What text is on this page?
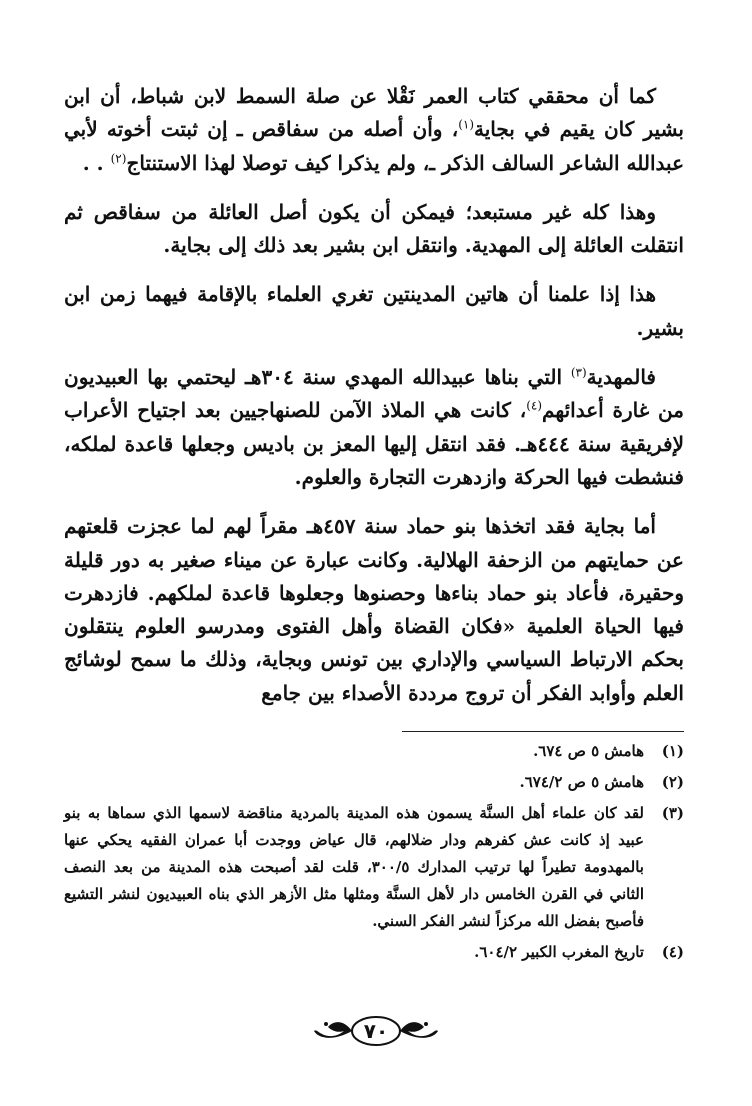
كما أن محققي كتاب العمر نَقْلا عن صلة السمط لابن شباط، أن ابن بشير كان يقيم في بجاية$^{(١)}$، وأن أصله من سفاقص ـ إن ثبتت أخوته لأبي عبدالله الشاعر السالف الذكر ـ، ولم يذكرا كيف توصلا لهذا الاستنتاج$^{(٢)}$ . .

وهذا كله غير مستبعد؛ فيمكن أن يكون أصل العائلة من سفاقص ثم انتقلت العائلة إلى المهدية. وانتقل ابن بشير بعد ذلك إلى بجاية.

هذا إذا علمنا أن هاتين المدينتين تغري العلماء بالإقامة فيهما زمن ابن بشير.

فالمهدية$^{(٣)}$ التي بناها عبيدالله المهدي سنة ٣٠٤هـ ليحتمي بها العبيديون من غارة أعدائهم$^{(٤)}$، كانت هي الملاذ الآمن للصنهاجيين بعد اجتياح الأعراب لإفريقية سنة ٤٤٤هـ. فقد انتقل إليها المعز بن باديس وجعلها قاعدة لملكه، فنشطت فيها الحركة وازدهرت التجارة والعلوم.

أما بجاية فقد اتخذها بنو حماد سنة ٤٥٧هـ مقراً لهم لما عجزت قلعتهم عن حمايتهم من الزحفة الهلالية. وكانت عبارة عن ميناء صغير به دور قليلة وحقيرة، فأعاد بنو حماد بناءها وحصنوها وجعلوها قاعدة لملكهم. فازدهرت فيها الحياة العلمية «فكان القضاة وأهل الفتوى ومدرسو العلوم ينتقلون بحكم الارتباط السياسي والإداري بين تونس وبجاية، وذلك ما سمح لوشائج العلم وأوابد الفكر أن تروج مرددة الأصداء بين جامع

(١)
هامش ٥ ص ٦٧٤.
(٢)
هامش ٥ ص ٦٧٤/٢.
(٣)
لقد كان علماء أهل السنَّة يسمون هذه المدينة بالمردية مناقضة لاسمها الذي سماها به بنو عبيد إذ كانت عش كفرهم ودار ضلالهم، قال عياض ووجدت أبا عمران الفقيه يحكي عنها بالمهدومة تطيراً لها ترتيب المدارك ٣٠٠/٥، قلت لقد أصبحت هذه المدينة من بعد النصف الثاني في القرن الخامس دار لأهل السنَّة ومثلها مثل الأزهر الذي بناه العبيديون لنشر التشيع فأصبح بفضل الله مركزاً لنشر الفكر السني.
(٤)
تاريخ المغرب الكبير ٦٠٤/٢.
٧٠
